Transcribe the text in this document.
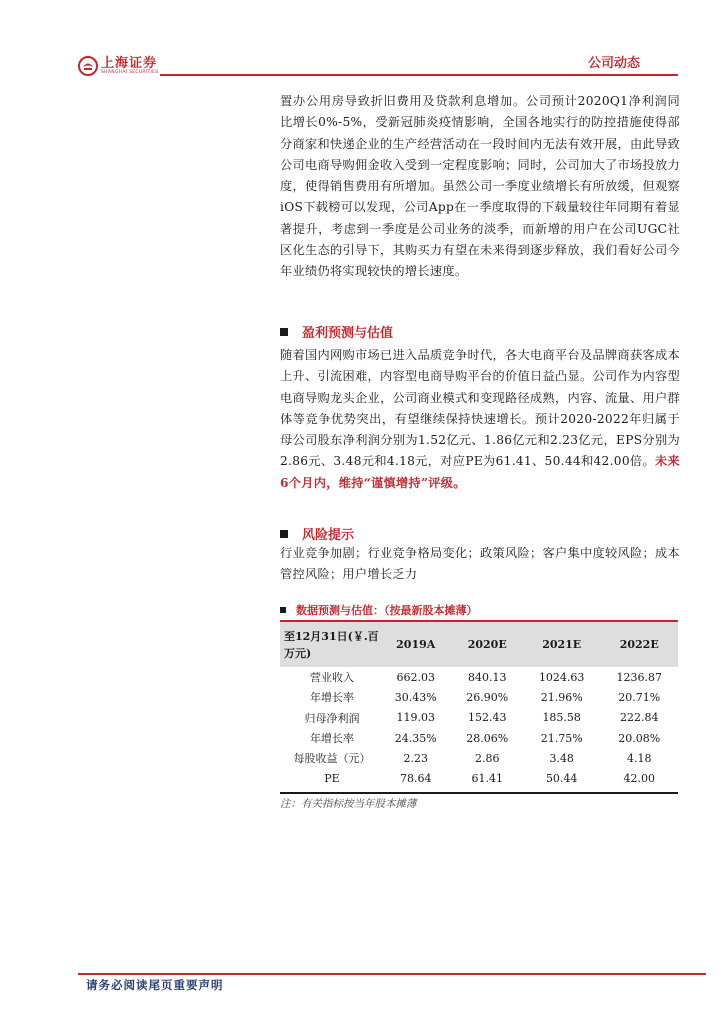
上海证券
SHANGHAI SECURITIES
公司动态

置办公用房导致折旧费用及贷款利息增加。公司预计2020Q1净利润同比增长0%-5%，受新冠肺炎疫情影响，全国各地实行的防控措施使得部分商家和快递企业的生产经营活动在一段时间内无法有效开展，由此导致公司电商导购佣金收入受到一定程度影响；同时，公司加大了市场投放力度，使得销售费用有所增加。虽然公司一季度业绩增长有所放缓，但观察iOS下载榜可以发现，公司App在一季度取得的下载量较往年同期有着显著提升，考虑到一季度是公司业务的淡季，而新增的用户在公司UGC社区化生态的引导下，其购买力有望在未来得到逐步释放，我们看好公司今年业绩仍将实现较快的增长速度。

盈利预测与估值

随着国内网购市场已进入品质竞争时代，各大电商平台及品牌商获客成本上升、引流困难，内容型电商导购平台的价值日益凸显。公司作为内容型电商导购龙头企业，公司商业模式和变现路径成熟，内容、流量、用户群体等竞争优势突出，有望继续保持快速增长。预计2020-2022年归属于母公司股东净利润分别为1.52亿元、1.86亿元和2.23亿元，EPS分别为2.86元、3.48元和4.18元，对应PE为61.41、50.44和42.00倍。未来6个月内，维持“谨慎增持”评级。

风险提示

行业竞争加剧；行业竞争格局变化；政策风险；客户集中度较风险；成本管控风险；用户增长乏力

数据预测与估值：（按最新股本摊薄）
至12月31日(￥.百万元)	2019A	2020E	2021E	2022E
营业收入	662.03	840.13	1024.63	1236.87
年增长率	30.43%	26.90%	21.96%	20.71%
归母净利润	119.03	152.43	185.58	222.84
年增长率	24.35%	28.06%	21.75%	20.08%
每股收益（元）	2.23	2.86	3.48	4.18
PE	78.64	61.41	50.44	42.00
注：有关指标按当年股本摊薄
请务必阅读尾页重要声明
